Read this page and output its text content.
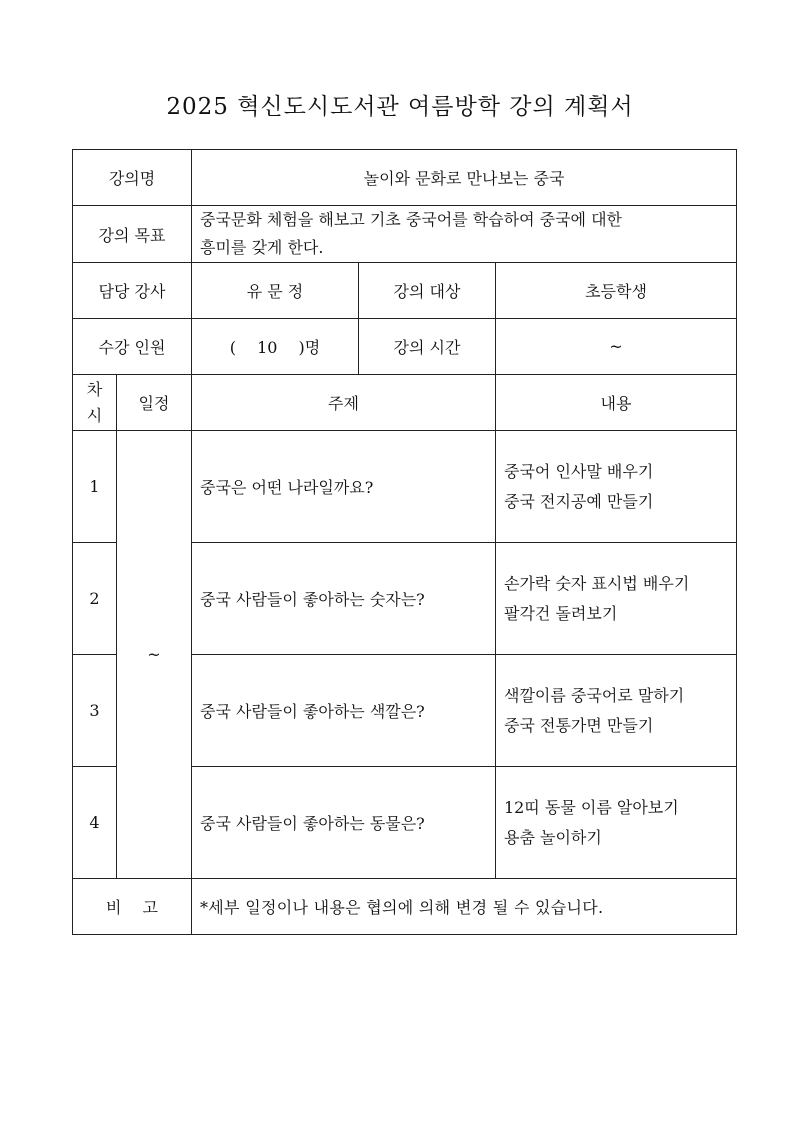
2025 혁신도시도서관 여름방학 강의 계획서
강의명		놀이와 문화로 만나보는 중국		
강의 목표		중국문화 체험을 해보고 기초 중국어를 학습하여 중국에 대한
흥미를 갖게 한다.		

담당 강사		유 문 정	강의 대상	초등학생
수강 인원		(　 10 　)명	강의 시간	~
차
시	일정	주제		내용
1	~	중국은 어떤 나라일까요?		중국어 인사말 배우기
중국 전지공예 만들기

2		중국 사람들이 좋아하는 숫자는?		손가락 숫자 표시법 배우기
팔각건 돌려보기

3		중국 사람들이 좋아하는 색깔은?		색깔이름 중국어로 말하기
중국 전통가면 만들기

4		중국 사람들이 좋아하는 동물은?		12띠 동물 이름 알아보기
용춤 놀이하기

비　 고		*세부 일정이나 내용은 협의에 의해 변경 될 수 있습니다.		
